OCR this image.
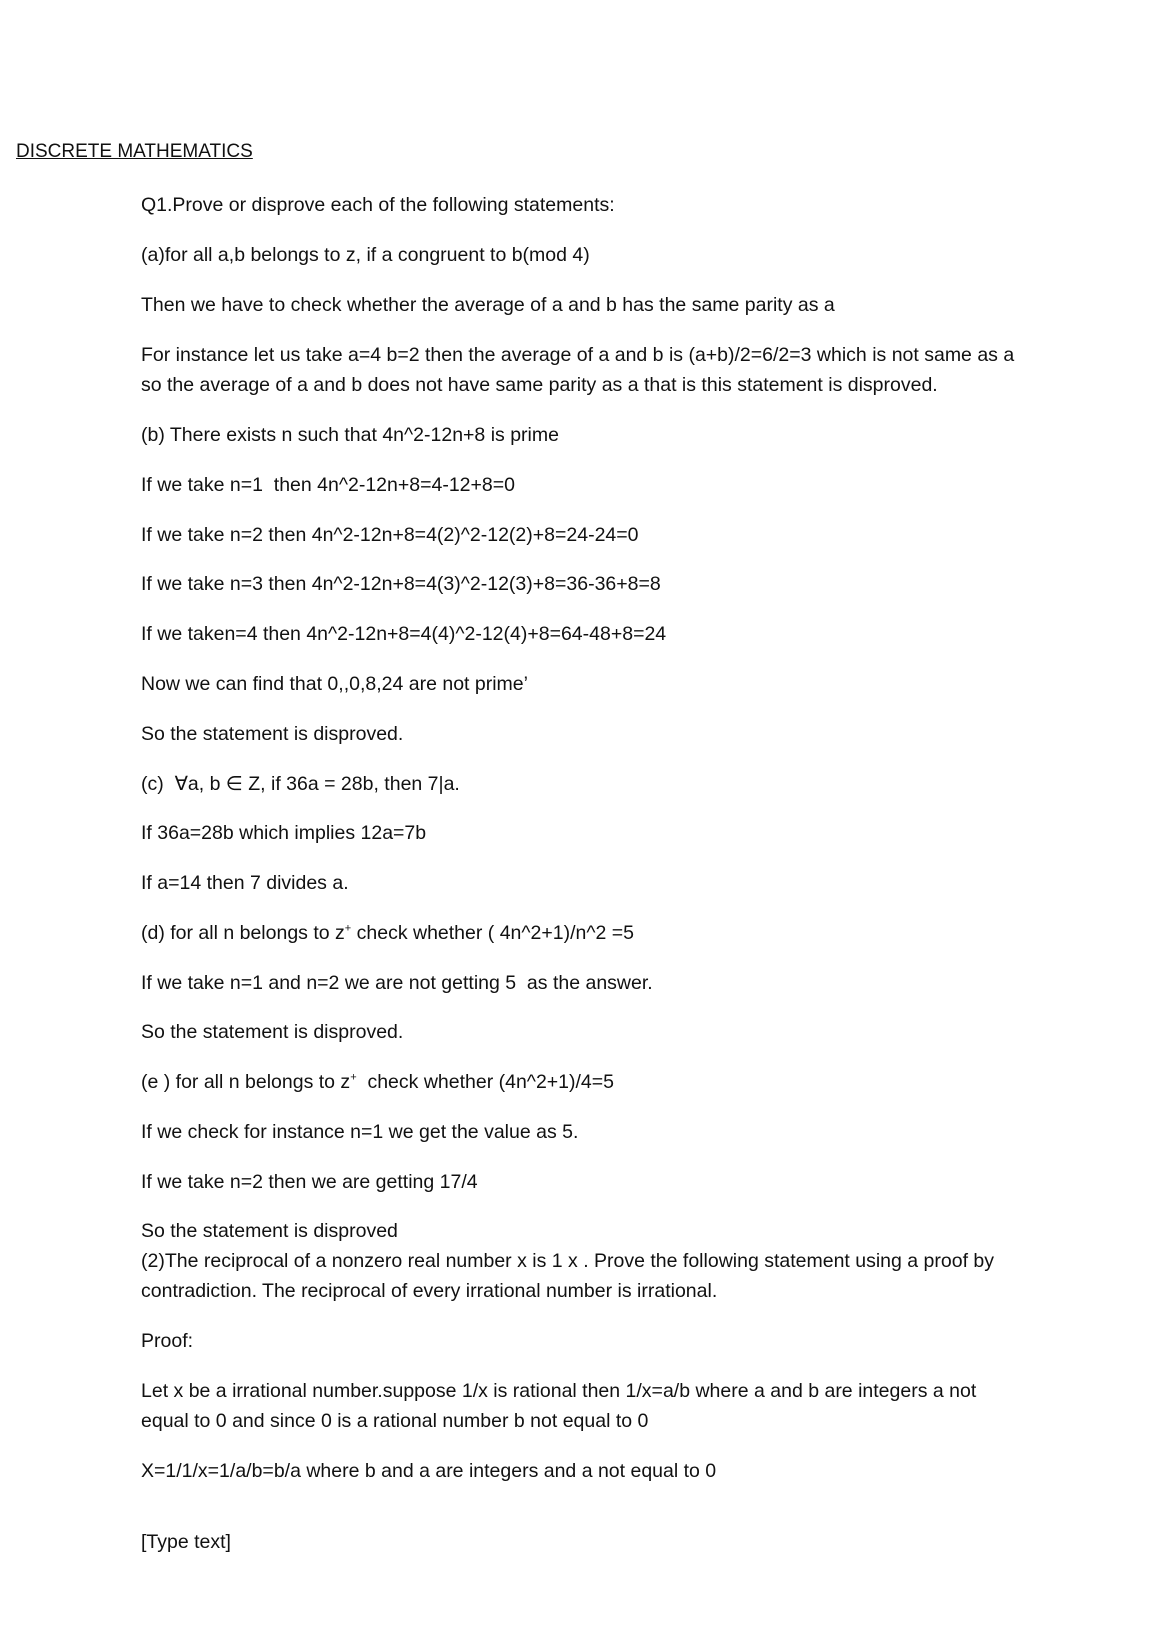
DISCRETE MATHEMATICS
Q1.Prove or disprove each of the following statements:
(a)for all a,b belongs to z, if a congruent to b(mod 4)
Then we have to check whether the average of a and b has the same parity as a
For instance let us take a=4 b=2 then the average of a and b is (a+b)/2=6/2=3 which is not same as a so the average of a and b does not have same parity as a that is this statement is disproved.
(b) There exists n such that 4n^2-12n+8 is prime
If we take n=1  then 4n^2-12n+8=4-12+8=0
If we take n=2 then 4n^2-12n+8=4(2)^2-12(2)+8=24-24=0
If we take n=3 then 4n^2-12n+8=4(3)^2-12(3)+8=36-36+8=8
If we taken=4 then 4n^2-12n+8=4(4)^2-12(4)+8=64-48+8=24
Now we can find that 0,,0,8,24 are not prime’
So the statement is disproved.
(c)  ∀a, b ∈ Z, if 36a = 28b, then 7|a.
If 36a=28b which implies 12a=7b
If a=14 then 7 divides a.
(d) for all n belongs to z+ check whether ( 4n^2+1)/n^2 =5
If we take n=1 and n=2 we are not getting 5  as the answer.
So the statement is disproved.
(e ) for all n belongs to z+  check whether (4n^2+1)/4=5
If we check for instance n=1 we get the value as 5.
If we take n=2 then we are getting 17/4
So the statement is disproved
(2)The reciprocal of a nonzero real number x is 1 x . Prove the following statement using a proof by contradiction. The reciprocal of every irrational number is irrational.
Proof:
Let x be a irrational number.suppose 1/x is rational then 1/x=a/b where a and b are integers a not equal to 0 and since 0 is a rational number b not equal to 0
X=1/1/x=1/a/b=b/a where b and a are integers and a not equal to 0
[Type text]
